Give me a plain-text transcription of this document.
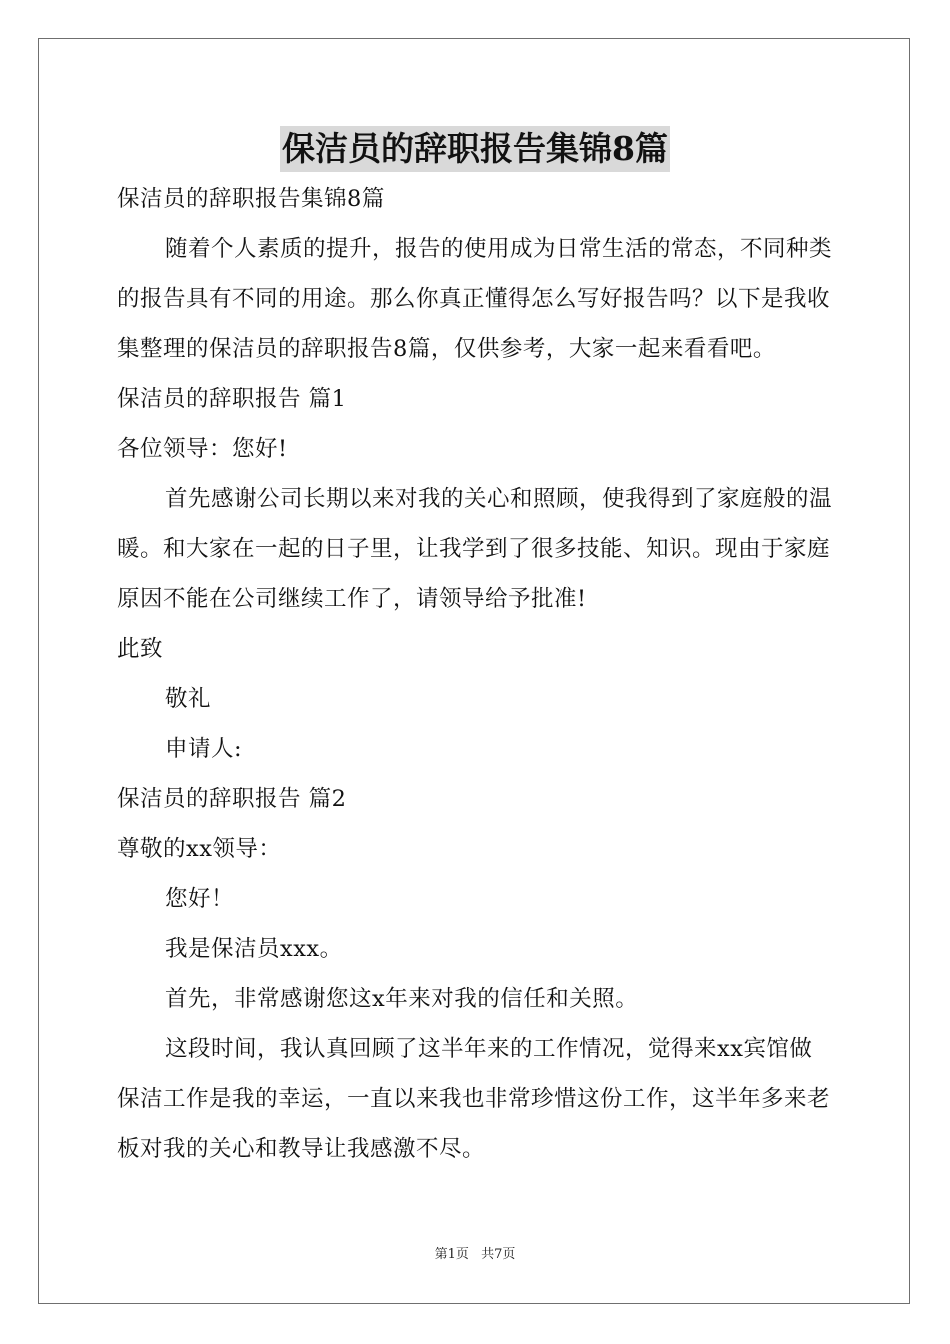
保洁员的辞职报告集锦8篇

保洁员的辞职报告集锦8篇

随着个人素质的提升，报告的使用成为日常生活的常态，不同种类的报告具有不同的用途。那么你真正懂得怎么写好报告吗？以下是我收集整理的保洁员的辞职报告8篇，仅供参考，大家一起来看看吧。

保洁员的辞职报告 篇1

各位领导：您好!

首先感谢公司长期以来对我的关心和照顾，使我得到了家庭般的温暖。和大家在一起的日子里，让我学到了很多技能、知识。现由于家庭原因不能在公司继续工作了，请领导给予批准!

此致

敬礼

申请人:

保洁员的辞职报告 篇2

尊敬的xx领导：

您好！

我是保洁员xxx。

首先，非常感谢您这x年来对我的信任和关照。

这段时间，我认真回顾了这半年来的工作情况，觉得来xx宾馆做保洁工作是我的幸运，一直以来我也非常珍惜这份工作，这半年多来老板对我的关心和教导让我感激不尽。

第1页 共7页
